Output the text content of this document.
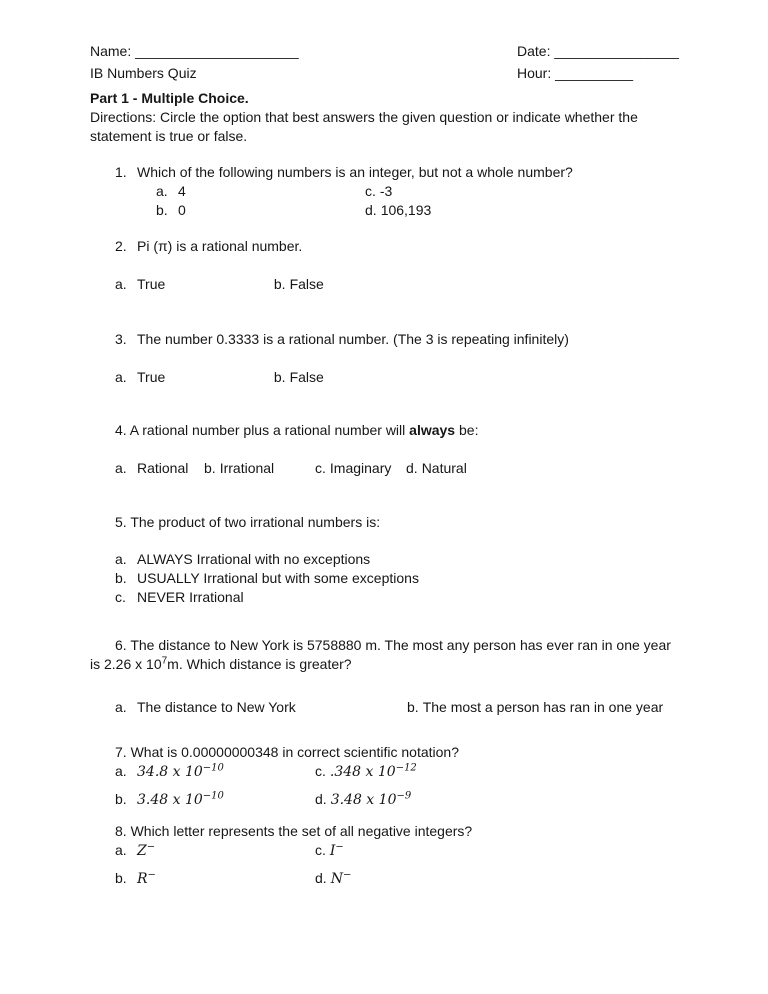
Name: _____________________
IB Numbers Quiz
Date: ________________
Hour: __________

Part 1 - Multiple Choice.

Directions: Circle the option that best answers the given question or indicate whether the statement is true or false.

1. Which of the following numbers is an integer, but not a whole number?

a. 4	c. -3
b. 0	d. 106,193

2. Pi (π) is a rational number.

a. True	b. False

3. The number 0.3333 is a rational number. (The 3 is repeating infinitely)

a. True	b. False

4. A rational number plus a rational number will always be:

a. Rational	b. Irrational	c. Imaginary	d. Natural

5. The product of two irrational numbers is:

a. ALWAYS Irrational with no exceptions

b. USUALLY Irrational but with some exceptions

c. NEVER Irrational

6. The distance to New York is 5758880 m. The most any person has ever ran in one year is 2.26 x $10^7m$. Which distance is greater?

a. The distance to New York	b. The most a person has ran in one year

7. What is 0.00000000348 in correct scientific notation?

a. 34.8 x $10^{-10}$	c. .348 x $10^{-12}$
b. 3.48 x $10^{-10}$	d. 3.48 x $10^{-9}$

8. Which letter represents the set of all negative integers?

a. Z−	c. I−
b. R−	d. N−
